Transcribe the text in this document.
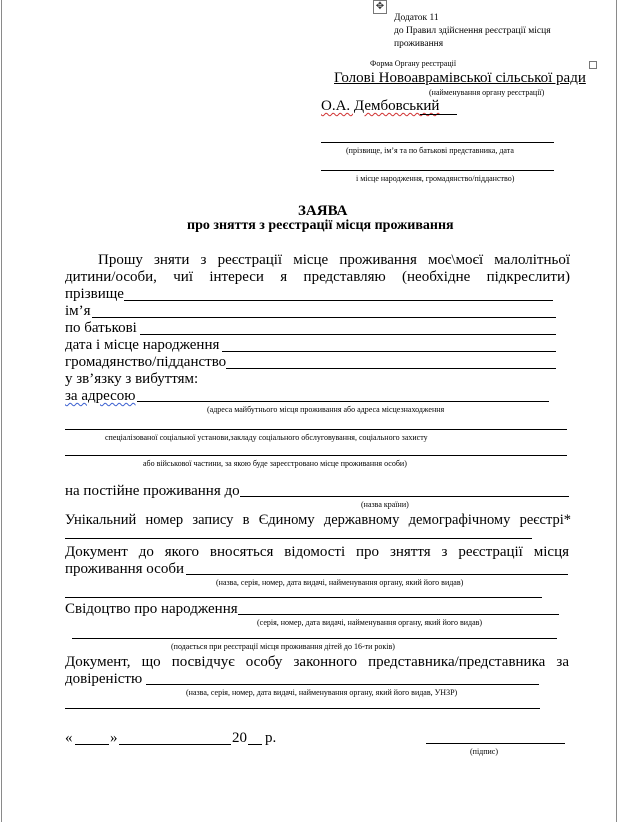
✥
Додаток 11
до Правил здійснення реєстрації місця
проживання
Форма Органу реєстрації
Голові Новоаврамівської сільської ради
(найменування органу реєстрації)
О.А. Дембовський
(прізвище, ім’я та по батькові представника, дата
і місце народження, громадянство/підданство)
ЗАЯВА
про зняття з реєстрації місця проживання
Прошу зняти з реєстрації місце проживання моє\моєї малолітньої
дитини/особи, чиї інтереси я представляю (необхідне підкреслити)
прізвище
ім’я
по батькові
дата і місце народження
громадянство/підданство
у зв’язку з вибуттям:
за адресою
(адреса майбутнього місця проживання або адреса місцезнаходження
спеціалізованої соціальної установи,закладу соціального обслуговування, соціального захисту
або військової частини, за якою буде зареєстровано місце проживання особи)
на постійне проживання до
(назва країни)
Унікальний номер запису в Єдиному державному демографічному реєстрі*
Документ до якого вносяться відомості про зняття з реєстрації місця
проживання особи
(назва, серія, номер, дата видачі, найменування органу, який його видав)
Свідоцтво про народження
(серія, номер, дата видачі, найменування органу, який його видав)
(подається при реєстрації місця проживання дітей до 16-ти років)
Документ, що посвідчує особу законного представника/представника за
довіреністю
(назва, серія, номер, дата видачі, найменування органу, який його видав, УНЗР)
«	»	20 р.
(підпис)
